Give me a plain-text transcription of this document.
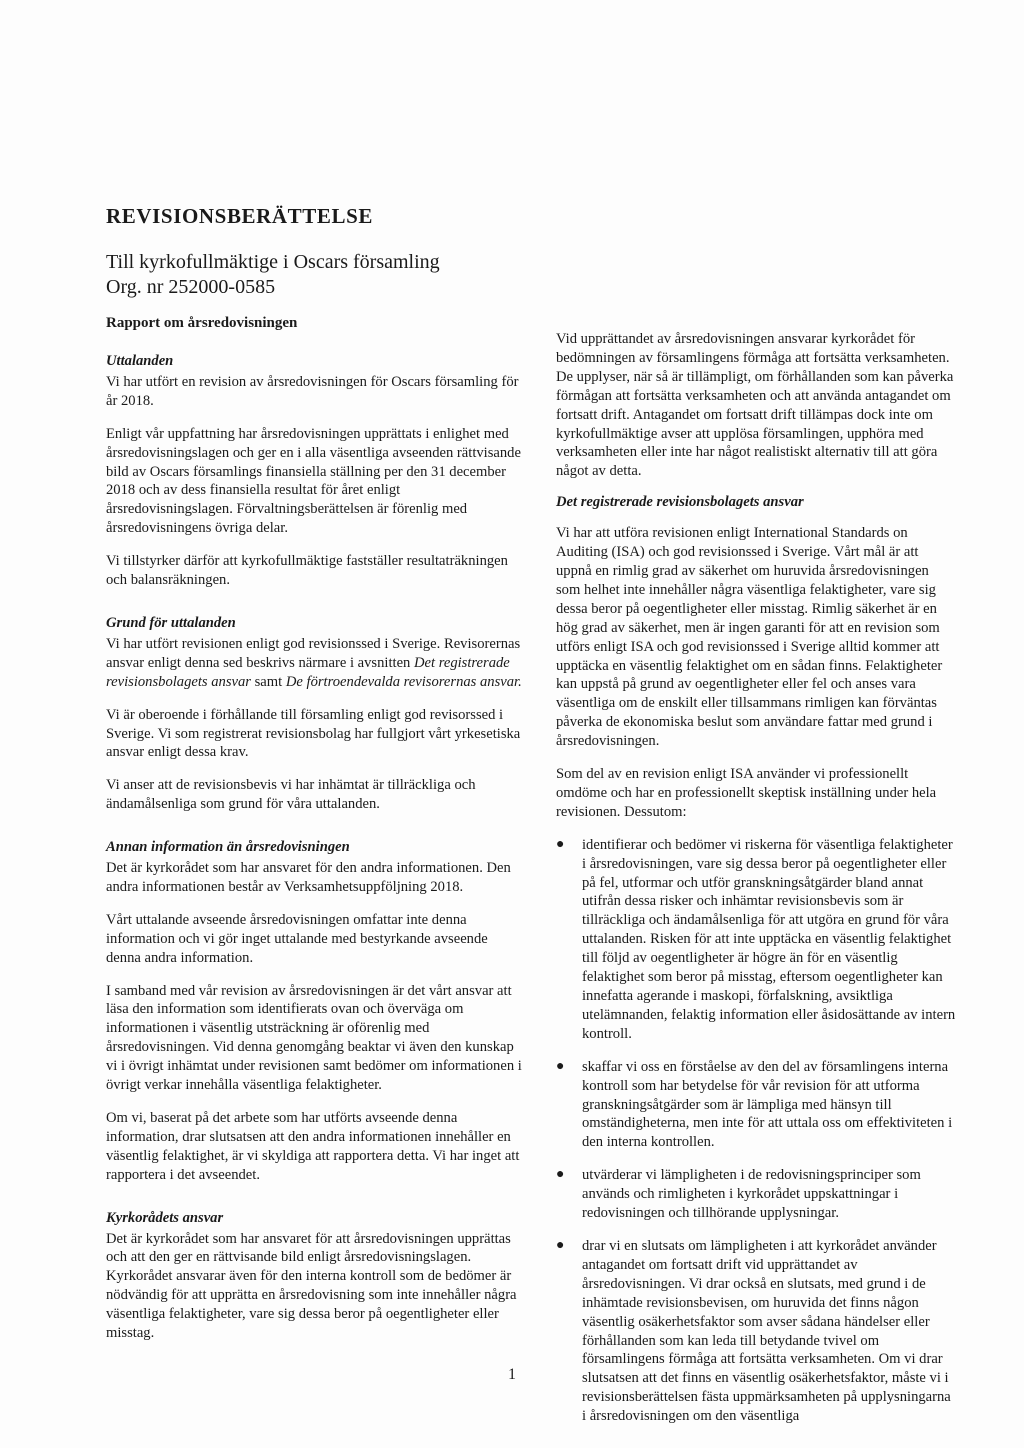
REVISIONSBERÄTTELSE
Till kyrkofullmäktige i Oscars församling
Org. nr 252000-0585
Rapport om årsredovisningen
Uttalanden

Vi har utfört en revision av årsredovisningen för Oscars församling för år 2018.

Enligt vår uppfattning har årsredovisningen upprättats i enlighet med årsredovisningslagen och ger en i alla väsentliga avseenden rättvisande bild av Oscars församlings finansiella ställning per den 31 december 2018 och av dess finansiella resultat för året enligt årsredovisningslagen. Förvaltningsberättelsen är förenlig med årsredovisningens övriga delar.

Vi tillstyrker därför att kyrkofullmäktige fastställer resultaträkningen och balansräkningen.

Grund för uttalanden

Vi har utfört revisionen enligt god revisionssed i Sverige. Revisorernas ansvar enligt denna sed beskrivs närmare i avsnitten Det registrerade revisionsbolagets ansvar samt De förtroendevalda revisorernas ansvar.

Vi är oberoende i förhållande till församling enligt god revisorssed i Sverige. Vi som registrerat revisionsbolag har fullgjort vårt yrkesetiska ansvar enligt dessa krav.

Vi anser att de revisionsbevis vi har inhämtat är tillräckliga och ändamålsenliga som grund för våra uttalanden.

Annan information än årsredovisningen

Det är kyrkorådet som har ansvaret för den andra informationen. Den andra informationen består av Verksamhetsuppföljning 2018.

Vårt uttalande avseende årsredovisningen omfattar inte denna information och vi gör inget uttalande med bestyrkande avseende denna andra information.

I samband med vår revision av årsredovisningen är det vårt ansvar att läsa den information som identifierats ovan och överväga om informationen i väsentlig utsträckning är oförenlig med årsredovisningen. Vid denna genomgång beaktar vi även den kunskap vi i övrigt inhämtat under revisionen samt bedömer om informationen i övrigt verkar innehålla väsentliga felaktigheter.

Om vi, baserat på det arbete som har utförts avseende denna information, drar slutsatsen att den andra informationen innehåller en väsentlig felaktighet, är vi skyldiga att rapportera detta. Vi har inget att rapportera i det avseendet.

Kyrkorådets ansvar

Det är kyrkorådet som har ansvaret för att årsredovisningen upprättas och att den ger en rättvisande bild enligt årsredovisningslagen. Kyrkorådet ansvarar även för den interna kontroll som de bedömer är nödvändig för att upprätta en årsredovisning som inte innehåller några väsentliga felaktigheter, vare sig dessa beror på oegentligheter eller misstag.

Vid upprättandet av årsredovisningen ansvarar kyrkorådet för bedömningen av församlingens förmåga att fortsätta verksamheten. De upplyser, när så är tillämpligt, om förhållanden som kan påverka förmågan att fortsätta verksamheten och att använda antagandet om fortsatt drift. Antagandet om fortsatt drift tillämpas dock inte om kyrkofullmäktige avser att upplösa församlingen, upphöra med verksamheten eller inte har något realistiskt alternativ till att göra något av detta.

Det registrerade revisionsbolagets ansvar

Vi har att utföra revisionen enligt International Standards on Auditing (ISA) och god revisionssed i Sverige. Vårt mål är att uppnå en rimlig grad av säkerhet om huruvida årsredovisningen som helhet inte innehåller några väsentliga felaktigheter, vare sig dessa beror på oegentligheter eller misstag. Rimlig säkerhet är en hög grad av säkerhet, men är ingen garanti för att en revision som utförs enligt ISA och god revisionssed i Sverige alltid kommer att upptäcka en väsentlig felaktighet om en sådan finns. Felaktigheter kan uppstå på grund av oegentligheter eller fel och anses vara väsentliga om de enskilt eller tillsammans rimligen kan förväntas påverka de ekonomiska beslut som användare fattar med grund i årsredovisningen.

Som del av en revision enligt ISA använder vi professionellt omdöme och har en professionellt skeptisk inställning under hela revisionen. Dessutom:

● identifierar och bedömer vi riskerna för väsentliga felaktigheter i årsredovisningen, vare sig dessa beror på oegentligheter eller på fel, utformar och utför granskningsåtgärder bland annat utifrån dessa risker och inhämtar revisionsbevis som är tillräckliga och ändamålsenliga för att utgöra en grund för våra uttalanden. Risken för att inte upptäcka en väsentlig felaktighet till följd av oegentligheter är högre än för en väsentlig felaktighet som beror på misstag, eftersom oegentligheter kan innefatta agerande i maskopi, förfalskning, avsiktliga utelämnanden, felaktig information eller åsidosättande av intern kontroll.
● skaffar vi oss en förståelse av den del av församlingens interna kontroll som har betydelse för vår revision för att utforma granskningsåtgärder som är lämpliga med hänsyn till omständigheterna, men inte för att uttala oss om effektiviteten i den interna kontrollen.
● utvärderar vi lämpligheten i de redovisningsprinciper som används och rimligheten i kyrkorådet uppskattningar i redovisningen och tillhörande upplysningar.
● drar vi en slutsats om lämpligheten i att kyrkorådet använder antagandet om fortsatt drift vid upprättandet av årsredovisningen. Vi drar också en slutsats, med grund i de inhämtade revisionsbevisen, om huruvida det finns någon väsentlig osäkerhetsfaktor som avser sådana händelser eller förhållanden som kan leda till betydande tvivel om församlingens förmåga att fortsätta verksamheten. Om vi drar slutsatsen att det finns en väsentlig osäkerhetsfaktor, måste vi i revisionsberättelsen fästa uppmärksamheten på upplysningarna i årsredovisningen om den väsentliga
1
